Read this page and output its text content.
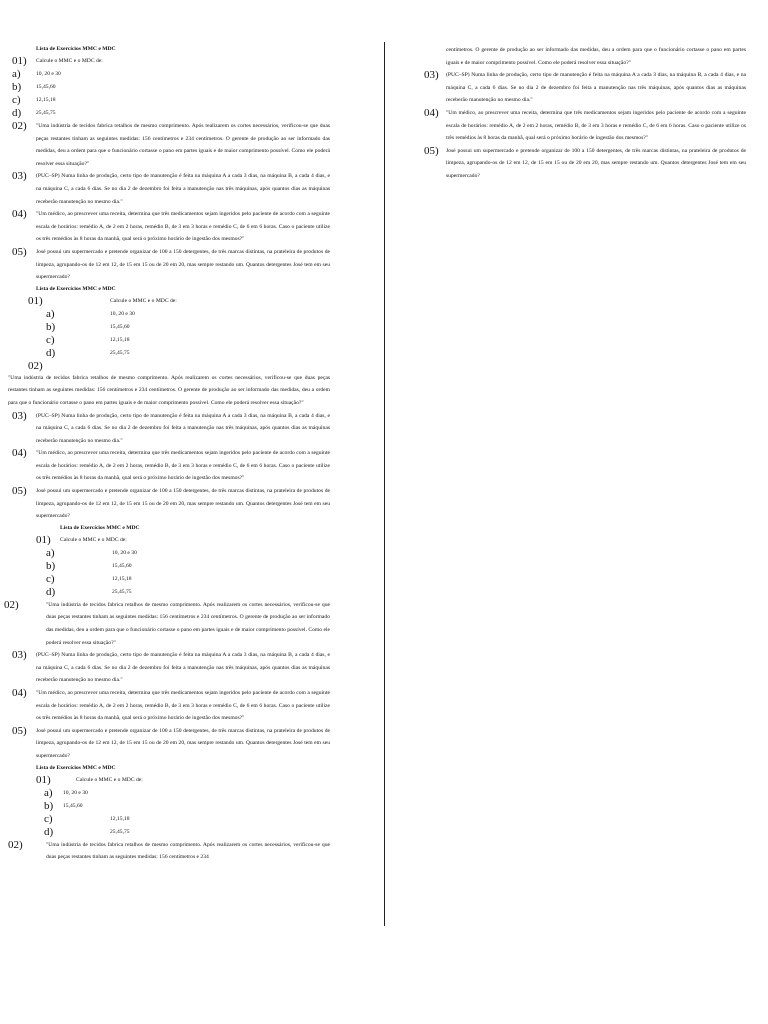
Lista de Exercícios MMC e MDC
01)	Calcule o MMC e o MDC de:
a)	10, 20 e 30
b)	15,45,60
c)	12,15,18
d)	25,45,75
02)	"Uma indústria de tecidos fabrica retalhos de mesmo comprimento. Após realizarem os cortes necessários, verificou-se que duas peças restantes tinham as seguintes medidas: 156 centímetros e 234 centímetros. O gerente de produção ao ser informado das medidas, deu a ordem para que o funcionário cortasse o pano em partes iguais e de maior comprimento possível. Como ele poderá resolver essa situação?"
03)	(PUC–SP) Numa linha de produção, certo tipo de manutenção é feita na máquina A a cada 3 dias, na máquina B, a cada 4 dias, e na máquina C, a cada 6 dias. Se no dia 2 de dezembro foi feita a manutenção nas três máquinas, após quantos dias as máquinas receberão manutenção no mesmo dia."
04)	"Um médico, ao prescrever uma receita, determina que três medicamentos sejam ingeridos pelo paciente de acordo com a seguinte escala de horários: remédio A, de 2 em 2 horas, remédio B, de 3 em 3 horas e remédio C, de 6 em 6 horas. Caso o paciente utilize os três remédios às 8 horas da manhã, qual será o próximo horário de ingestão dos mesmos?"
05)	José possui um supermercado e pretende organizar de 100 a 150 detergentes, de três marcas distintas, na prateleira de produtos de limpeza, agrupando-os de 12 em 12, de 15 em 15 ou de 20 em 20, mas sempre restando um. Quantos detergentes José tem em seu supermercado?
Lista de Exercícios MMC e MDC
01)	Calcule o MMC e o MDC de:
a)	10, 20 e 30
b)	15,45,60
c)	12,15,18
d)	25,45,75
02)
"Uma indústria de tecidos fabrica retalhos de mesmo comprimento. Após realizarem os cortes necessários, verificou-se que duas peças restantes tinham as seguintes medidas: 156 centímetros e 234 centímetros. O gerente de produção ao ser informado das medidas, deu a ordem para que o funcionário cortasse o pano em partes iguais e de maior comprimento possível. Como ele poderá resolver essa situação?"
03)	(PUC–SP) Numa linha de produção, certo tipo de manutenção é feita na máquina A a cada 3 dias, na máquina B, a cada 4 dias, e na máquina C, a cada 6 dias. Se no dia 2 de dezembro foi feita a manutenção nas três máquinas, após quantos dias as máquinas receberão manutenção no mesmo dia."
04)	"Um médico, ao prescrever uma receita, determina que três medicamentos sejam ingeridos pelo paciente de acordo com a seguinte escala de horários: remédio A, de 2 em 2 horas, remédio B, de 3 em 3 horas e remédio C, de 6 em 6 horas. Caso o paciente utilize os três remédios às 8 horas da manhã, qual será o próximo horário de ingestão dos mesmos?"
05)	José possui um supermercado e pretende organizar de 100 a 150 detergentes, de três marcas distintas, na prateleira de produtos de limpeza, agrupando-os de 12 em 12, de 15 em 15 ou de 20 em 20, mas sempre restando um. Quantos detergentes José tem em seu supermercado?
Lista de Exercícios MMC e MDC
01)	Calcule o MMC e o MDC de:
a)	10, 20 e 30
b)	15,45,60
c)	12,15,18
d)	25,45,75
02)	"Uma indústria de tecidos fabrica retalhos de mesmo comprimento. Após realizarem os cortes necessários, verificou-se que duas peças restantes tinham as seguintes medidas: 156 centímetros e 234 centímetros. O gerente de produção ao ser informado das medidas, deu a ordem para que o funcionário cortasse o pano em partes iguais e de maior comprimento possível. Como ele poderá resolver essa situação?"
03)	(PUC–SP) Numa linha de produção, certo tipo de manutenção é feita na máquina A a cada 3 dias, na máquina B, a cada 4 dias, e na máquina C, a cada 6 dias. Se no dia 2 de dezembro foi feita a manutenção nas três máquinas, após quantos dias as máquinas receberão manutenção no mesmo dia."
04)	"Um médico, ao prescrever uma receita, determina que três medicamentos sejam ingeridos pelo paciente de acordo com a seguinte escala de horários: remédio A, de 2 em 2 horas, remédio B, de 3 em 3 horas e remédio C, de 6 em 6 horas. Caso o paciente utilize os três remédios às 8 horas da manhã, qual será o próximo horário de ingestão dos mesmos?"
05)	José possui um supermercado e pretende organizar de 100 a 150 detergentes, de três marcas distintas, na prateleira de produtos de limpeza, agrupando-os de 12 em 12, de 15 em 15 ou de 20 em 20, mas sempre restando um. Quantos detergentes José tem em seu supermercado?
Lista de Exercícios MMC e MDC
01)	Calcule o MMC e o MDC de:
a)	10, 20 e 30
b)	15,45,60
c)	12,15,18
d)	25,45,75
02)	"Uma indústria de tecidos fabrica retalhos de mesmo comprimento. Após realizarem os cortes necessários, verificou-se que duas peças restantes tinham as seguintes medidas: 156 centímetros e 234
centímetros. O gerente de produção ao ser informado das medidas, deu a ordem para que o funcionário cortasse o pano em partes iguais e de maior comprimento possível. Como ele poderá resolver essa situação?"
03)	(PUC–SP) Numa linha de produção, certo tipo de manutenção é feita na máquina A a cada 3 dias, na máquina B, a cada 4 dias, e na máquina C, a cada 6 dias. Se no dia 2 de dezembro foi feita a manutenção nas três máquinas, após quantos dias as máquinas receberão manutenção no mesmo dia."
04)	"Um médico, ao prescrever uma receita, determina que três medicamentos sejam ingeridos pelo paciente de acordo com a seguinte escala de horários: remédio A, de 2 em 2 horas, remédio B, de 3 em 3 horas e remédio C, de 6 em 6 horas. Caso o paciente utilize os três remédios às 8 horas da manhã, qual será o próximo horário de ingestão dos mesmos?"
05)	José possui um supermercado e pretende organizar de 100 a 150 detergentes, de três marcas distintas, na prateleira de produtos de limpeza, agrupando-os de 12 em 12, de 15 em 15 ou de 20 em 20, mas sempre restando um. Quantos detergentes José tem em seu supermercado?
